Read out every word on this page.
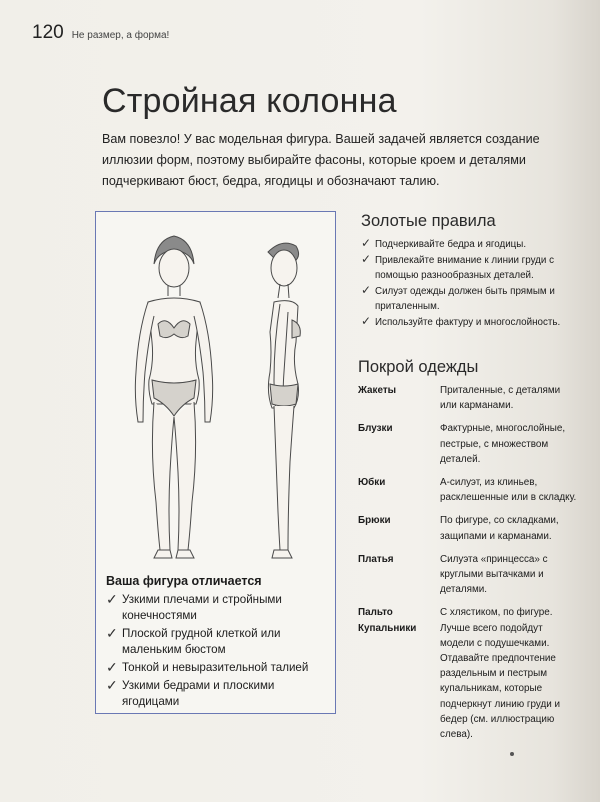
120 Не размер, а форма!
Стройная колонна

Вам повезло! У вас модельная фигура. Вашей задачей является создание иллюзии форм, поэтому выбирайте фасоны, которые кроем и деталями подчеркивают бюст, бедра, ягодицы и обозначают талию.

Ваша фигура отличается
✓ Узкими плечами и стройными конечностями
✓ Плоской грудной клеткой или маленьким бюстом
✓ Тонкой и невыразительной талией
✓ Узкими бедрами и плоскими ягодицами
Золотые правила
✓ Подчеркивайте бедра и ягодицы.
✓ Привлекайте внимание к линии груди с помощью разнообразных деталей.
✓ Силуэт одежды должен быть прямым и приталенным.
✓ Используйте фактуру и многослойность.
Покрой одежды
Жакеты	Приталенные, с деталями или карманами.
Блузки	Фактурные, многослойные, пестрые, с множеством деталей.
Юбки	А-силуэт, из клиньев, расклешенные или в складку.
Брюки	По фигуре, со складками, защипами и карманами.
Платья	Силуэта «принцесса» с круглыми вытачками и деталями.
Пальто	С хлястиком, по фигуре.
Купальники	Лучше всего подойдут модели с подушечками. Отдавайте предпочтение раздельным и пестрым купальникам, которые подчеркнут линию груди и бедер (см. иллюстрацию слева).
